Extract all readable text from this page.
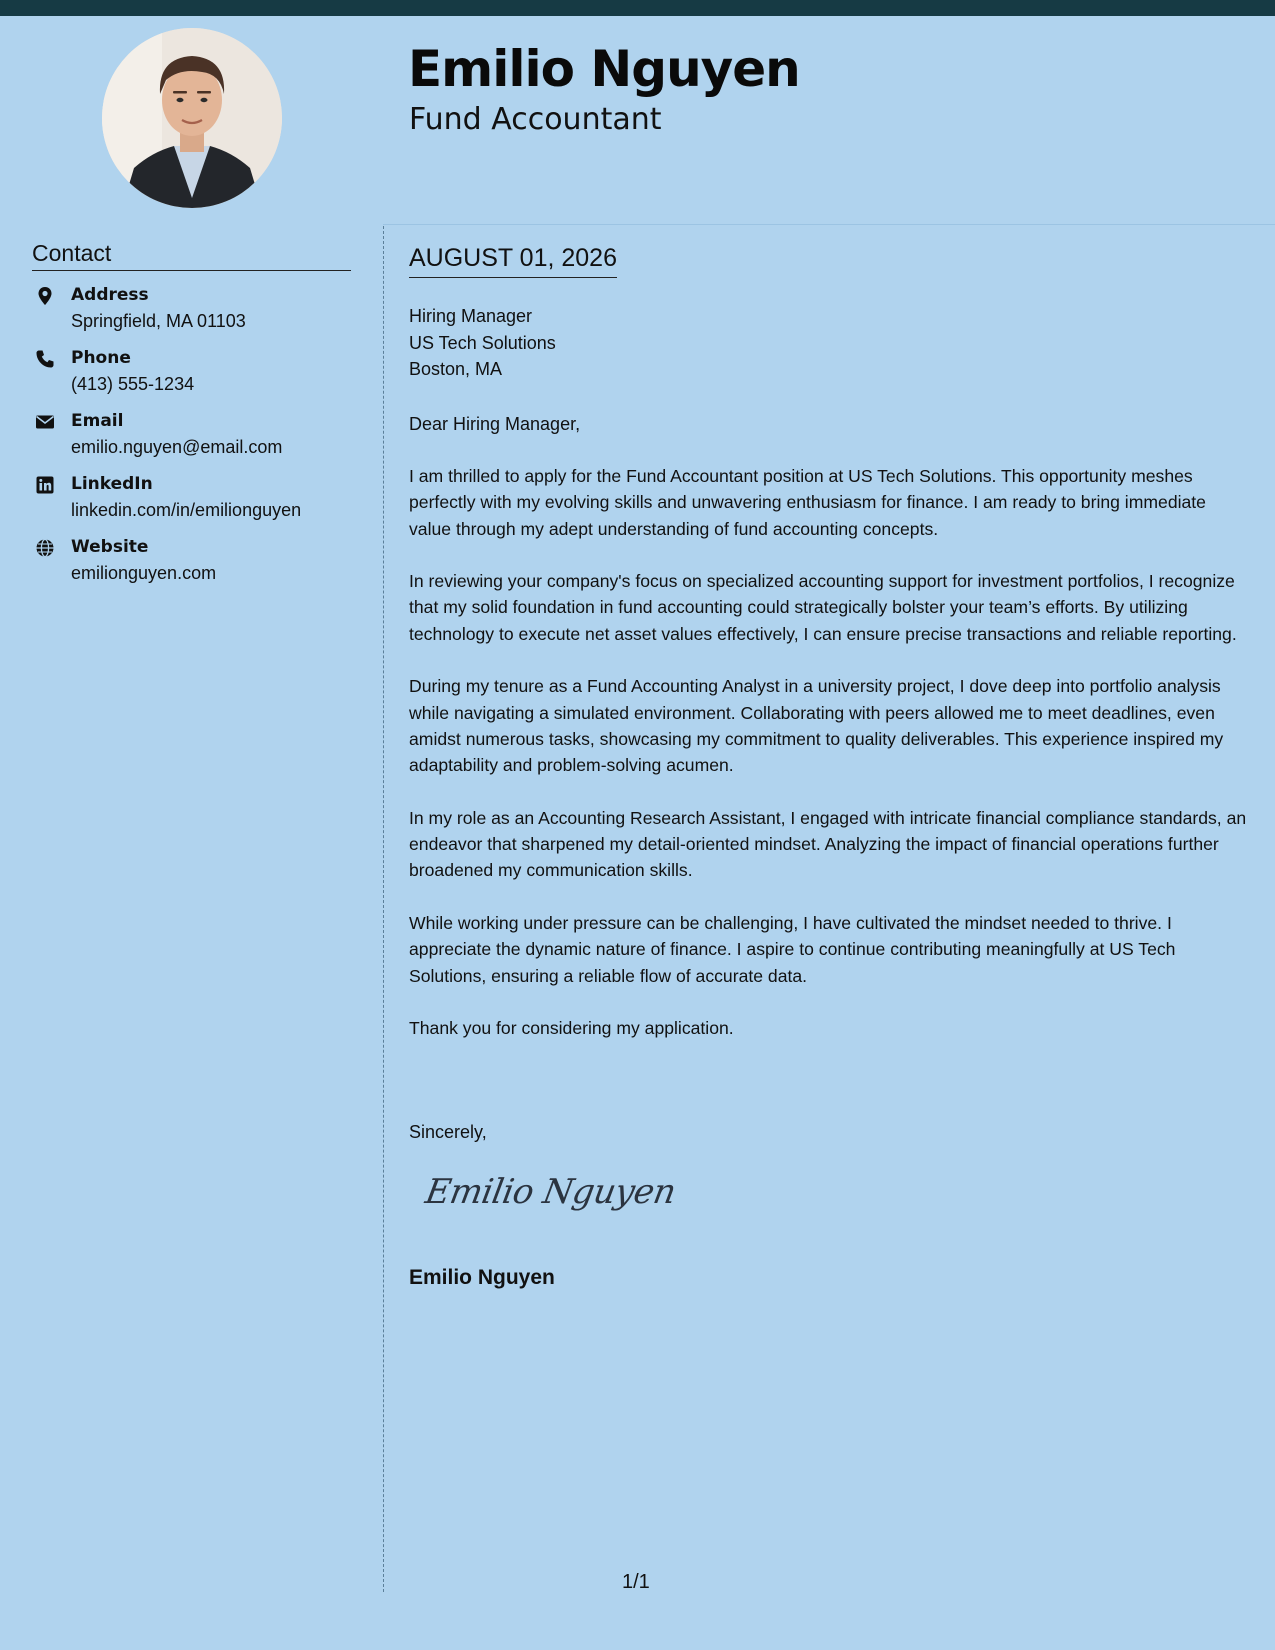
Emilio Nguyen
Fund Accountant
Contact
Address
Springfield, MA 01103
Phone
(413) 555-1234
Email
emilio.nguyen@email.com
LinkedIn
linkedin.com/in/emilionguyen
Website
emilionguyen.com
AUGUST 01, 2026
Hiring Manager
US Tech Solutions
Boston, MA
Dear Hiring Manager,

I am thrilled to apply for the Fund Accountant position at US Tech Solutions. This opportunity meshes perfectly with my evolving skills and unwavering enthusiasm for finance. I am ready to bring immediate value through my adept understanding of fund accounting concepts.

In reviewing your company's focus on specialized accounting support for investment portfolios, I recognize that my solid foundation in fund accounting could strategically bolster your team’s efforts. By utilizing technology to execute net asset values effectively, I can ensure precise transactions and reliable reporting.

During my tenure as a Fund Accounting Analyst in a university project, I dove deep into portfolio analysis while navigating a simulated environment. Collaborating with peers allowed me to meet deadlines, even amidst numerous tasks, showcasing my commitment to quality deliverables. This experience inspired my adaptability and problem-solving acumen.

In my role as an Accounting Research Assistant, I engaged with intricate financial compliance standards, an endeavor that sharpened my detail-oriented mindset. Analyzing the impact of financial operations further broadened my communication skills.

While working under pressure can be challenging, I have cultivated the mindset needed to thrive. I appreciate the dynamic nature of finance. I aspire to continue contributing meaningfully at US Tech Solutions, ensuring a reliable flow of accurate data.

Thank you for considering my application.

Sincerely,
Emilio Nguyen
Emilio Nguyen
1/1
